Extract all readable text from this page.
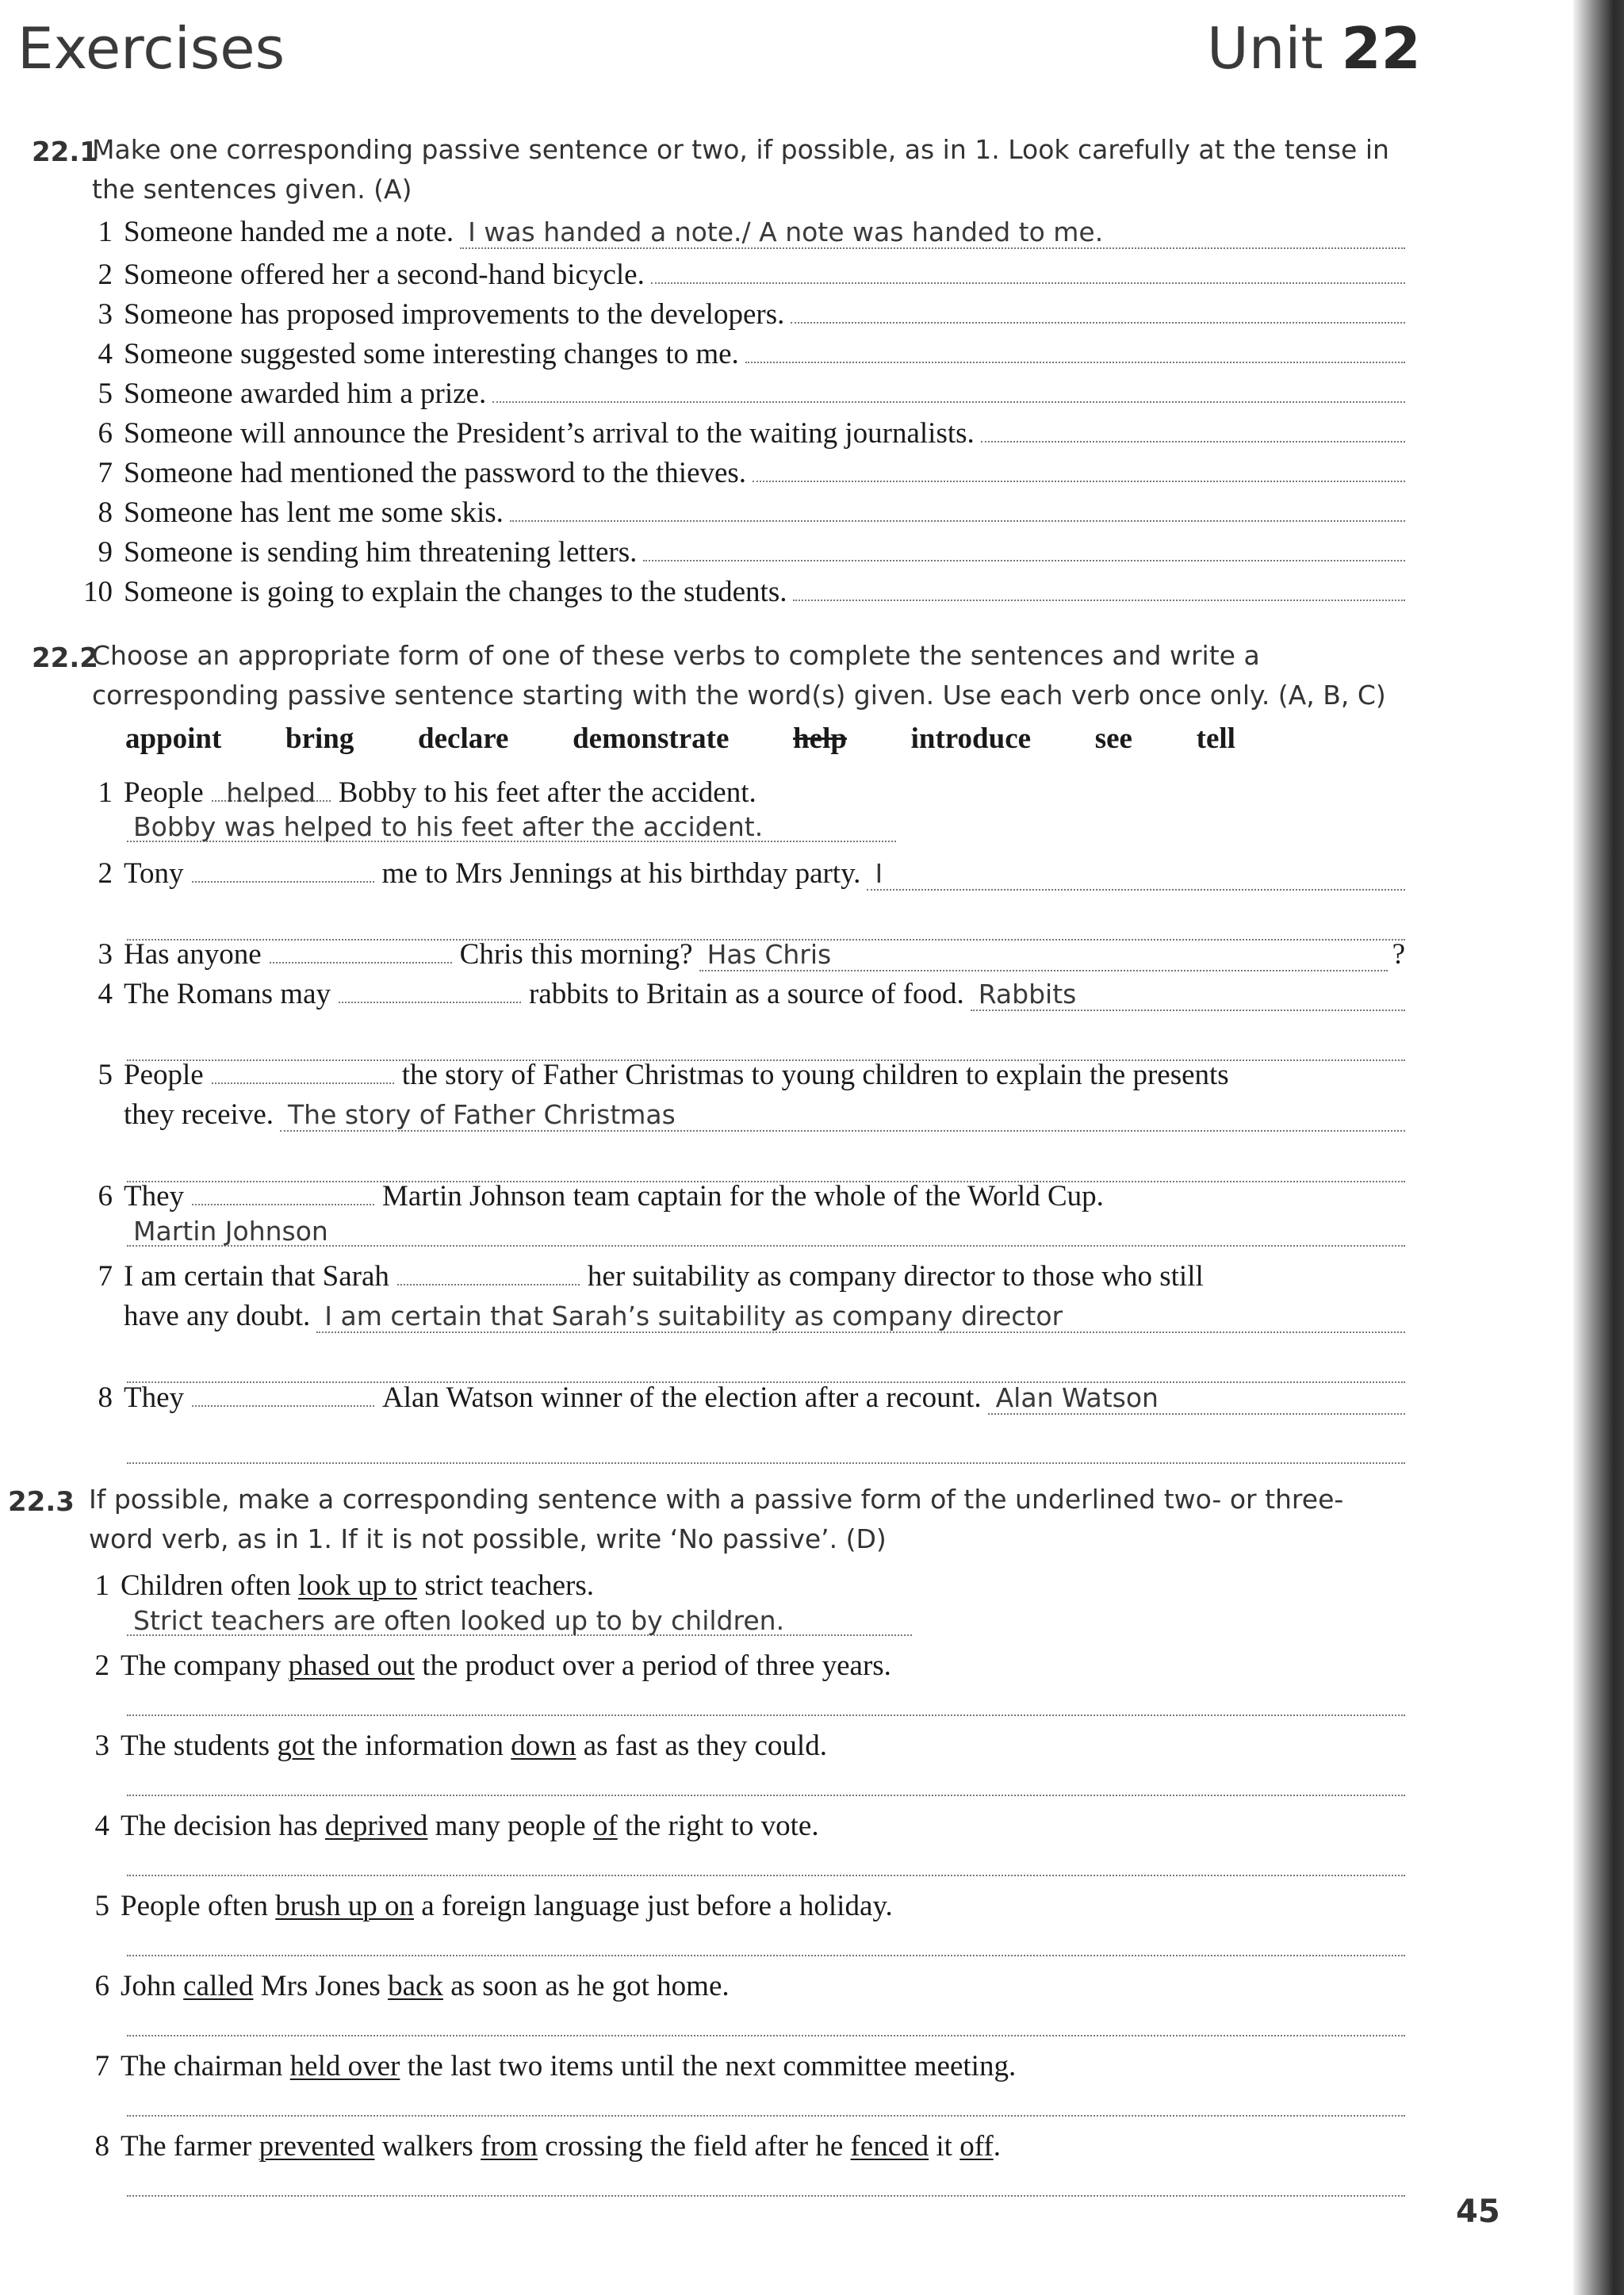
Exercises	Unit 22
22.1
Make one corresponding passive sentence or two, if possible, as in 1. Look carefully at the tense in the sentences given. (A)
1 Someone handed me a note. I was handed a note./ A note was handed to me.
2 Someone offered her a second-hand bicycle.
3 Someone has proposed improvements to the developers.
4 Someone suggested some interesting changes to me.
5 Someone awarded him a prize.
6 Someone will announce the President’s arrival to the waiting journalists.
7 Someone had mentioned the password to the thieves.
8 Someone has lent me some skis.
9 Someone is sending him threatening letters.
10 Someone is going to explain the changes to the students.
22.2
Choose an appropriate form of one of these verbs to complete the sentences and write a corresponding passive sentence starting with the word(s) given. Use each verb once only. (A, B, C)
appoint bring declare demonstrate help introduce see tell
1 People helped Bobby to his feet after the accident.
Bobby was helped to his feet after the accident.
2 Tony	me to Mrs Jennings at his birthday party. I
3 Has anyone	Chris this morning? Has Chris	?
4 The Romans may	rabbits to Britain as a source of food. Rabbits
5 People	the story of Father Christmas to young children to explain the presents
they receive. The story of Father Christmas
6 They	Martin Johnson team captain for the whole of the World Cup.
Martin Johnson
7 I am certain that Sarah	her suitability as company director to those who still
have any doubt. I am certain that Sarah’s suitability as company director
8 They	Alan Watson winner of the election after a recount. Alan Watson
22.3 If possible, make a corresponding sentence with a passive form of the underlined two- or three-word verb, as in 1. If it is not possible, write ‘No passive’. (D)
1 Children often look up to strict teachers.
Strict teachers are often looked up to by children.
2 The company phased out the product over a period of three years.
3 The students got the information down as fast as they could.
4 The decision has deprived many people of the right to vote.
5 People often brush up on a foreign language just before a holiday.
6 John called Mrs Jones back as soon as he got home.
7 The chairman held over the last two items until the next committee meeting.
8 The farmer prevented walkers from crossing the field after he fenced it off .
45
